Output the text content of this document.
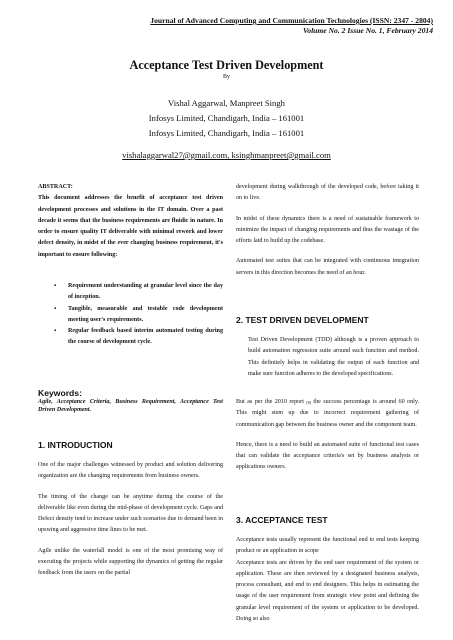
Journal of Advanced Computing and Communication Technologies (ISSN: 2347 - 2804)
Volume No. 2 Issue No. 1, February 2014
Acceptance Test Driven Development
By
Vishal Aggarwal, Manpreet Singh
Infosys Limited, Chandigarh, India – 161001
Infosys Limited, Chandigarh, India – 161001
vishalaggarwal27@gmail.com, ksinghmanpreet@gmail.com
ABSTRACT:

This document addresses the benefit of acceptance test driven development processes and solutions in the IT domain. Over a past decade it seems that the business requirements are fluidic in nature. In order to ensure quality IT deliverable with minimal rework and lower defect density, in midst of the ever changing business requirement, it's important to ensure following:

▪ Requirement understanding at granular level since the day of inception.
▪ Tangible, measurable and testable code development meeting user's requirements.
▪ Regular feedback based interim automated testing during the course of development cycle.
Keywords:
Agile, Acceptance Criteria, Business Requirement, Acceptance Test Driven Development.
1. INTRODUCTION

One of the major challenges witnessed by product and solution delivering organization are the changing requirements from business owners.

The timing of the change can be anytime during the course of the deliverable like even during the mid-phase of development cycle. Gaps and Defect density tend to increase under such scenarios due to demand been in upswing and aggressive time lines to be met.

Agile unlike the waterfall model is one of the most promising way of executing the projects while supporting the dynamics of getting the regular feedback from the users on the partial

development during walkthrough of the developed code, before taking it on to live.

In midst of these dynamics there is a need of sustainable framework to minimize the impact of changing requirements and thus the wastage of the efforts laid to build up the codebase.

Automated test suites that can be integrated with continuous integration servers in this direction becomes the need of an hour.

2. TEST DRIVEN DEVELOPMENT

Test Driven Development (TDD) although is a proven approach to build automation regression suite around each function and method. This definitely helps in validating the output of each function and make sure function adheres to the developed specifications.

But as per the 2010 report [8] the success percentage is around 60 only. This might stem up due to incorrect requirement gathering of communication gap between the business owner and the component team.

Hence, there is a need to build an automated suite of functional test cases that can validate the acceptance criteria's set by business analysts or applications owners.

3. ACCEPTANCE TEST

Acceptance tests usually represent the functional end to end tests keeping product or an application in scope

Acceptance tests are driven by the end user requirement of the system or application. These are then reviewed by a designated business analysts, process consultant, and end to end designers. This helps in estimating the usage of the user requirement from strategic view point and defining the granular level requirement of the system or application to be developed. Doing so also
